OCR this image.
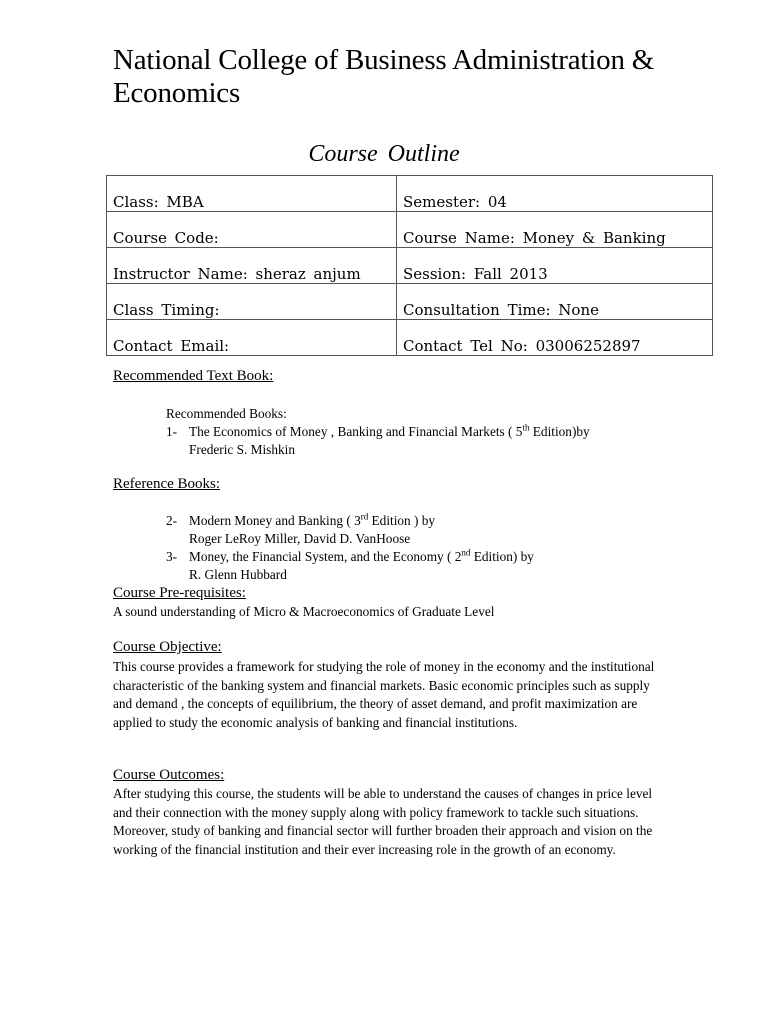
National College of Business Administration & Economics
Course Outline
Class: MBA	Semester: 04
Course Code:	Course Name: Money & Banking
Instructor Name: sheraz anjum	Session: Fall 2013
Class Timing:	Consultation Time: None
Contact Email:	Contact Tel No: 03006252897

Recommended Text Book:

Recommended Books:
1- The Economics of Money , Banking and Financial Markets ( 5th Edition)by
Frederic S. Mishkin

Reference Books:

2- Modern Money and Banking ( 3rd Edition ) by
Roger LeRoy Miller, David D. VanHoose
3- Money, the Financial System, and the Economy ( 2nd Edition) by
R. Glenn Hubbard

Course Pre-requisites:

A sound understanding of Micro & Macroeconomics of Graduate Level

Course Objective:

This course provides a framework for studying the role of money in the economy and the institutional characteristic of the banking system and financial markets. Basic economic principles such as supply and demand , the concepts of equilibrium, the theory of asset demand, and profit maximization are applied to study the economic analysis of banking and financial institutions.

Course Outcomes:

After studying this course, the students will be able to understand the causes of changes in price level and their connection with the money supply along with policy framework to tackle such situations. Moreover, study of banking and financial sector will further broaden their approach and vision on the working of the financial institution and their ever increasing role in the growth of an economy.
